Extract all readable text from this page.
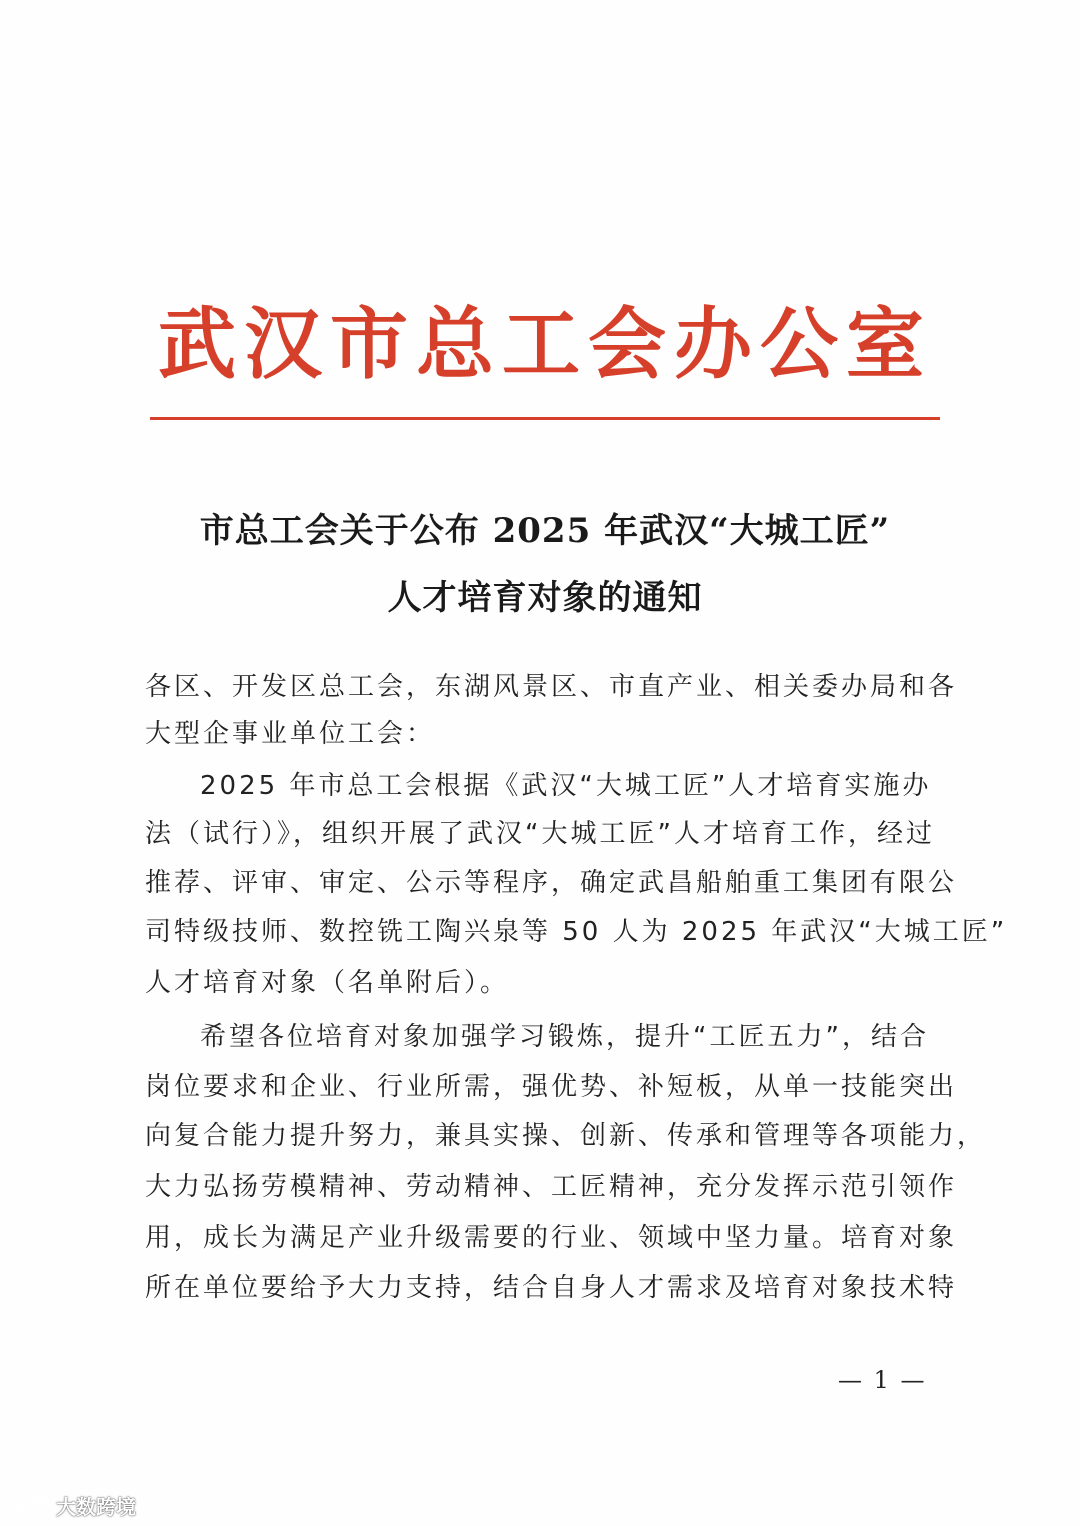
武汉市总工会办公室
市总工会关于公布 2025 年武汉“大城工匠”
人才培育对象的通知
各区、开发区总工会，东湖风景区、市直产业、相关委办局和各
大型企事业单位工会：
2025 年市总工会根据《武汉“大城工匠”人才培育实施办
法（试行）》，组织开展了武汉“大城工匠”人才培育工作，经过
推荐、评审、审定、公示等程序，确定武昌船舶重工集团有限公
司特级技师、数控铣工陶兴泉等 50 人为 2025 年武汉“大城工匠”
人才培育对象（名单附后）。
希望各位培育对象加强学习锻炼，提升“工匠五力”，结合
岗位要求和企业、行业所需，强优势、补短板，从单一技能突出
向复合能力提升努力，兼具实操、创新、传承和管理等各项能力，
大力弘扬劳模精神、劳动精神、工匠精神，充分发挥示范引领作
用，成长为满足产业升级需要的行业、领域中坚力量。培育对象
所在单位要给予大力支持，结合自身人才需求及培育对象技术特
— 1 —
大数跨境
